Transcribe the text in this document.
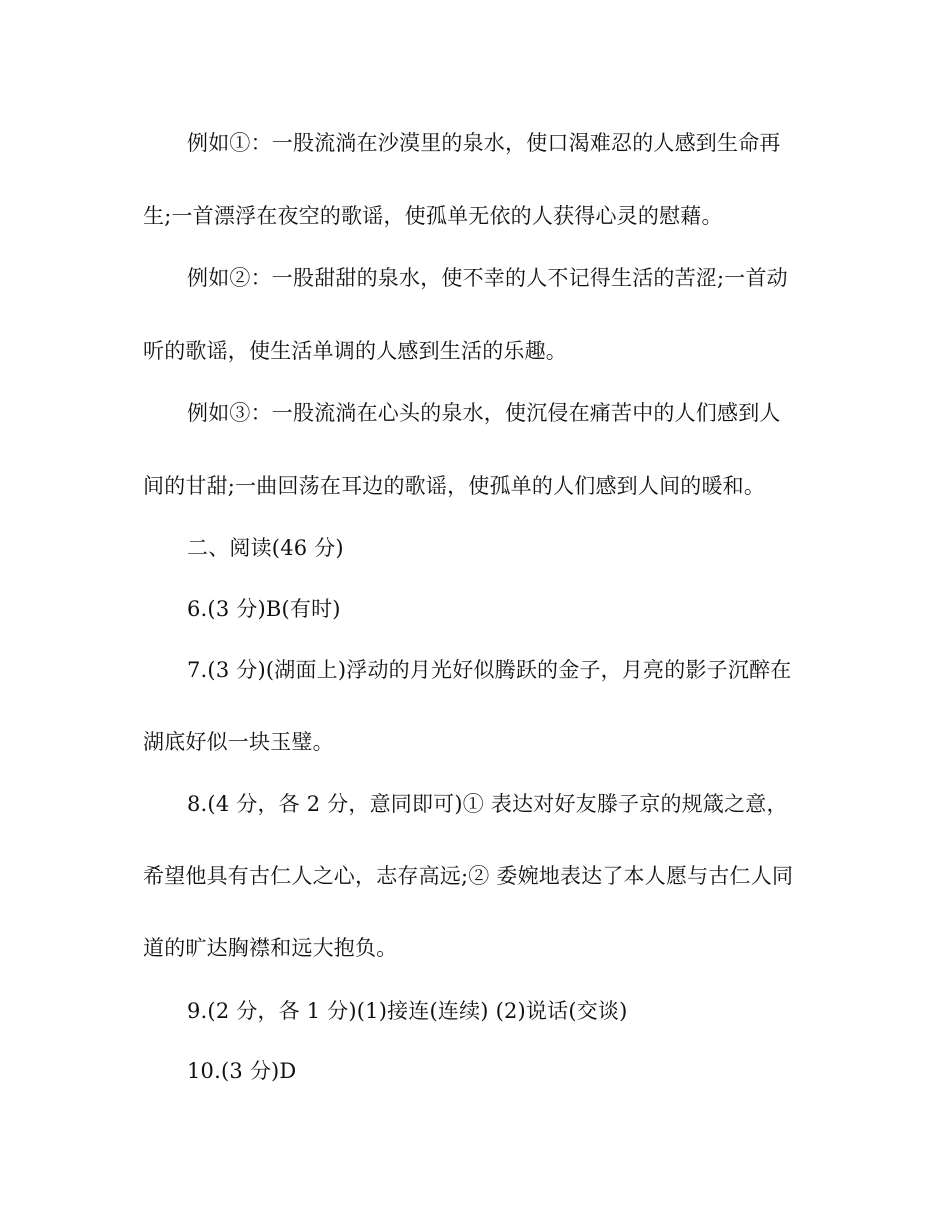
例如①：一股流淌在沙漠里的泉水，使口渴难忍的人感到生命再
生;一首漂浮在夜空的歌谣，使孤单无依的人获得心灵的慰藉。
例如②：一股甜甜的泉水，使不幸的人不记得生活的苦涩;一首动
听的歌谣，使生活单调的人感到生活的乐趣。
例如③：一股流淌在心头的泉水，使沉侵在痛苦中的人们感到人
间的甘甜;一曲回荡在耳边的歌谣，使孤单的人们感到人间的暖和。
二、阅读(46 分)
6.(3 分)B(有时)
7.(3 分)(湖面上)浮动的月光好似腾跃的金子，月亮的影子沉醉在
湖底好似一块玉璧。
8.(4 分，各 2 分，意同即可)① 表达对好友滕子京的规箴之意，
希望他具有古仁人之心，志存高远;② 委婉地表达了本人愿与古仁人同
道的旷达胸襟和远大抱负。
9.(2 分，各 1 分)(1)接连(连续) (2)说话(交谈)
10.(3 分)D
